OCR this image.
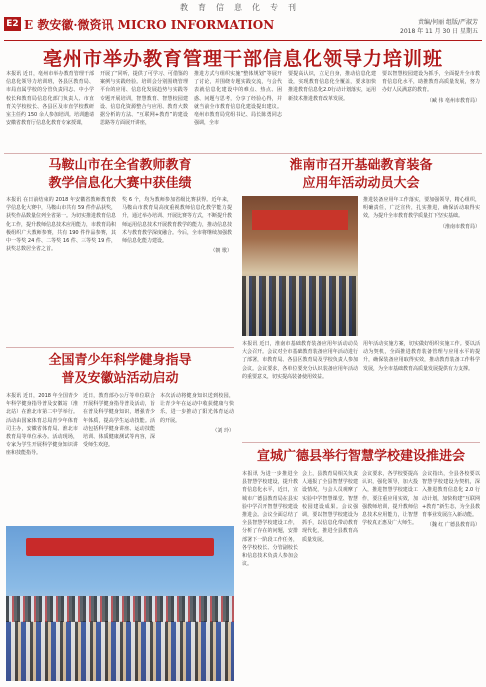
教育信息化专刊
E2 E 教安徽·微资讯 MICRO INFORMATION	责编/何丽 组版/严淑芳
2018 年 11 月 30 日 星期五
亳州市举办教育管理干部信息化领导力培训班
本报讯 近日，亳州市举办教育管理干部信息化领导力培训班，各县区教育局、市局直属学校的分管负责同志、中小学校长和教育局信息化部门负责人、市直育关学校校长、各县区及市直学校教研室主任约 150 余人参加培训。培训邀请安徽省教育厅信息化教育专家授课，
开展了“同听，提供了可学习、可借鉴的案例与实践经验。培训会分别围绕管理平台的应用、信息化发展趋势与实践等专题开展培训，智慧教育、智慧校园建设、信息化资源整合与应用、教育大数据分析的方法、“互联网+教育”的建设思路等方面展开讲座，
推进方式与组织实施“整体规划”等展开了讨论，并围绕专题实践交流，与会代表就信息化建设中的难点、热点、困惑、问题与思考，分享了经验心得，并就当前全市教育信息化建设提出建议。亳州市教育局党组书记、局长陈勇同志强调，全市
要提高认识，立足自身，推动信息化建设，实现教育信息化全覆盖，要求加快推进教育信息化2.0行动计划落实，运用新技术推进教育改革发展。
要以智慧校园建设为抓手，全面提升全市教育信息化水平，助推教育高质量发展，努力办好人民满意的教育。
（臧 伟 亳州市教育局）
马鞍山市在全省教师教育
教学信息化大赛中获佳绩
本报讯 在日前结束的 2018 年安徽省教师教育教学信息化大赛中，马鞍山市共有 59 件作品获奖，获奖作品数量位列全省第一。为切实推进教育信息化工作，提升教师信息技术应用能力，市教育局积极组织广大教师参赛，共有 190 件作品参赛，其中一等奖 24 件、二等奖 16 件、三等奖 19 件，获奖总数居全省之首。
奖 6 个，均为教师参加省级比赛获得。近年来，马鞍山市教育局高度重视教师信息化教学能力提升，通过举办培训、开展比赛等方式，不断提升教师运用信息技术开展教育教学的能力，推动信息技术与教育教学深度融合。今后，全市将继续加强教师信息化能力建设。
（朝 歌）
全国青少年科学健身指导
普及安徽站活动启动
本报讯 近日，2018 年全国青少年科学健身指导普及安徽站（淮北站）在淮北市第二中学举行。活动由国家体育总局青少年体育司主办，安徽省体育局、淮北市教育局等单位承办。活动现场，专家为学生开展科学健身知识讲座和技能指导。
近日，教育部办公厅等单位联合开展科学健身指导普及活动，旨在普及科学健身知识，增强青少年体质，提高学生运动技能。活动包括科学健身讲座、运动技能培训、体质健康测试等内容，深受师生欢迎。
本次活动将健身知识送到校园，让青少年在运动中收获健康与快乐，进一步推动了阳光体育运动的开展。
（刘 玲）
淮南市召开基础教育装备
应用年活动动员大会
推进装备应用年工作落实，要加强领导，精心组织，明确责任，广泛宣传，扎实推进，确保活动取得实效，为提升全市教育教学质量打下坚实基础。
（淮南市教育局）
本报讯 近日，淮南市基础教育装备应用年活动动员大会召开。会议对全市基础教育装备应用年活动进行了部署，市教育局、各县区教育局及学校负责人参加会议。会议要求，各单位要充分认识装备应用年活动的重要意义，切实提高装备使用效益。
用年活动实施方案，切实做好组织实施工作。要以活动为契机，全面推进教育装备管理与应用水平的提升，确保装备应用取得实效，推动教育装备工作科学发展，为全市基础教育高质量发展提供有力支撑。
宣城广德县举行智慧学校建设推进会
本报讯 为进一步推进全县智慧学校建设，提升教育信息化水平，近日，宣城市广德县教育局在县实验中学召开智慧学校建设推进会。会议全面总结了全县智慧学校建设工作，分析了存在的问题，安排部署下一阶段工作任务，各学校校长、分管副校长和信息技术负责人参加会议。
会上，县教育局相关负责人通报了全县智慧学校建设情况，与会人员观摩了实验中学智慧课堂、智慧校园建设成果。会议强调，要以智慧学校建设为抓手，以信息化带动教育现代化，推进全县教育高质量发展。
会议要求，各学校要提高认识，强化领导，加大投入，推进智慧学校建设工作，要注重应用实效，加强教师培训，提升教师信息技术应用能力，让智慧学校真正惠及广大师生。
会议指出，全县各校要以智慧学校建设为契机，深入推进教育信息化 2.0 行动计划，加快构建“互联网+教育”新生态，为全县教育事业发展注入新动能。
（魏 红 广德县教育局）
